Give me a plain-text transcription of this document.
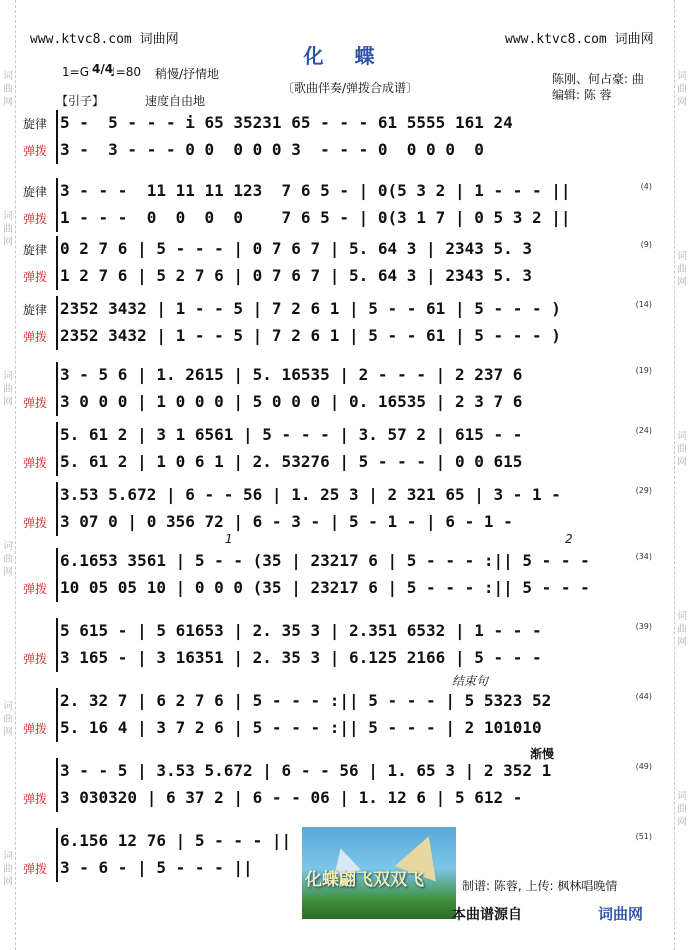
词曲网
词曲网
词曲网
词曲网
词曲网
词曲网
词曲网
词曲网
词曲网
词曲网
词曲网
www.ktvc8.com 词曲网	www.ktvc8.com 词曲网
化 蝶
1=G 4/4
♩=80 稍慢/抒情地
〔歌曲伴奏/弹拨合成谱〕
陈刚、何占豪: 曲
编辑: 陈 蓉
【引子】	速度自由地
5 -  5 - - - i 65 35231 65 - - - 61 5555 161 24
旋律
3 -  3 - - - 0 0  0 0 0 3  - - - 0  0 0 0  0
弹拨
3 - - -  11 11 11 123  7 6 5 - | 0(5 3 2 | 1 - - - ||
旋律
1 - - -  0  0  0  0    7 6 5 - | 0(3 1 7 | 0 5 3 2 ||
弹拨
(4)
0 2 7 6 | 5 - - - | 0 7 6 7 | 5. 64 3 | 2343 5. 3
旋律
1 2 7 6 | 5 2 7 6 | 0 7 6 7 | 5. 64 3 | 2343 5. 3
弹拨
(9)
2352 3432 | 1 - - 5 | 7 2 6 1 | 5 - - 61 | 5 - - - )
旋律
2352 3432 | 1 - - 5 | 7 2 6 1 | 5 - - 61 | 5 - - - )
弹拨
(14)
3 - 5 6 | 1. 2615 | 5. 16535 | 2 - - - | 2 237 6
3 0 0 0 | 1 0 0 0 | 5 0 0 0 | 0. 16535 | 2 3 7 6
弹拨
(19)
5. 61 2 | 3 1 6561 | 5 - - - | 3. 57 2 | 615 - -
5. 61 2 | 1 0 6 1 | 2. 53276 | 5 - - - | 0 0 615
弹拨
(24)
3.53 5.672 | 6 - - 56 | 1. 25 3 | 2 321 65 | 3 - 1 -
3 07 0 | 0 356 72 | 6 - 3 - | 5 - 1 - | 6 - 1 -
弹拨
(29)
6.1653 3561 | 5 - - (35 | 23217 6 | 5 - - - :|| 5 - - -
10 05 05 10 | 0 0 0 (35 | 23217 6 | 5 - - - :|| 5 - - -
弹拨
(34)
5 615 - | 5 61653 | 2. 35 3 | 2.351 6532 | 1 - - -
3 165 - | 3 16351 | 2. 35 3 | 6.125 2166 | 5 - - -
弹拨
(39)
2. 32 7 | 6 2 7 6 | 5 - - - :|| 5 - - - | 5 5323 52
5. 16 4 | 3 7 2 6 | 5 - - - :|| 5 - - - | 2 101010
弹拨
(44)
3 - - 5 | 3.53 5.672 | 6 - - 56 | 1. 65 3 | 2 352 1
3 030320 | 6 37 2 | 6 - - 06 | 1. 12 6 | 5 612 -
弹拨
(49)
6.156 12 76 | 5 - - - ||
3 - 6 - | 5 - - - ||
弹拨
(51)
1	2
结束句
渐慢
化蝶翩飞双双飞	制谱: 陈蓉, 上传: 枫林唱晚情
本曲谱源自	词曲网
